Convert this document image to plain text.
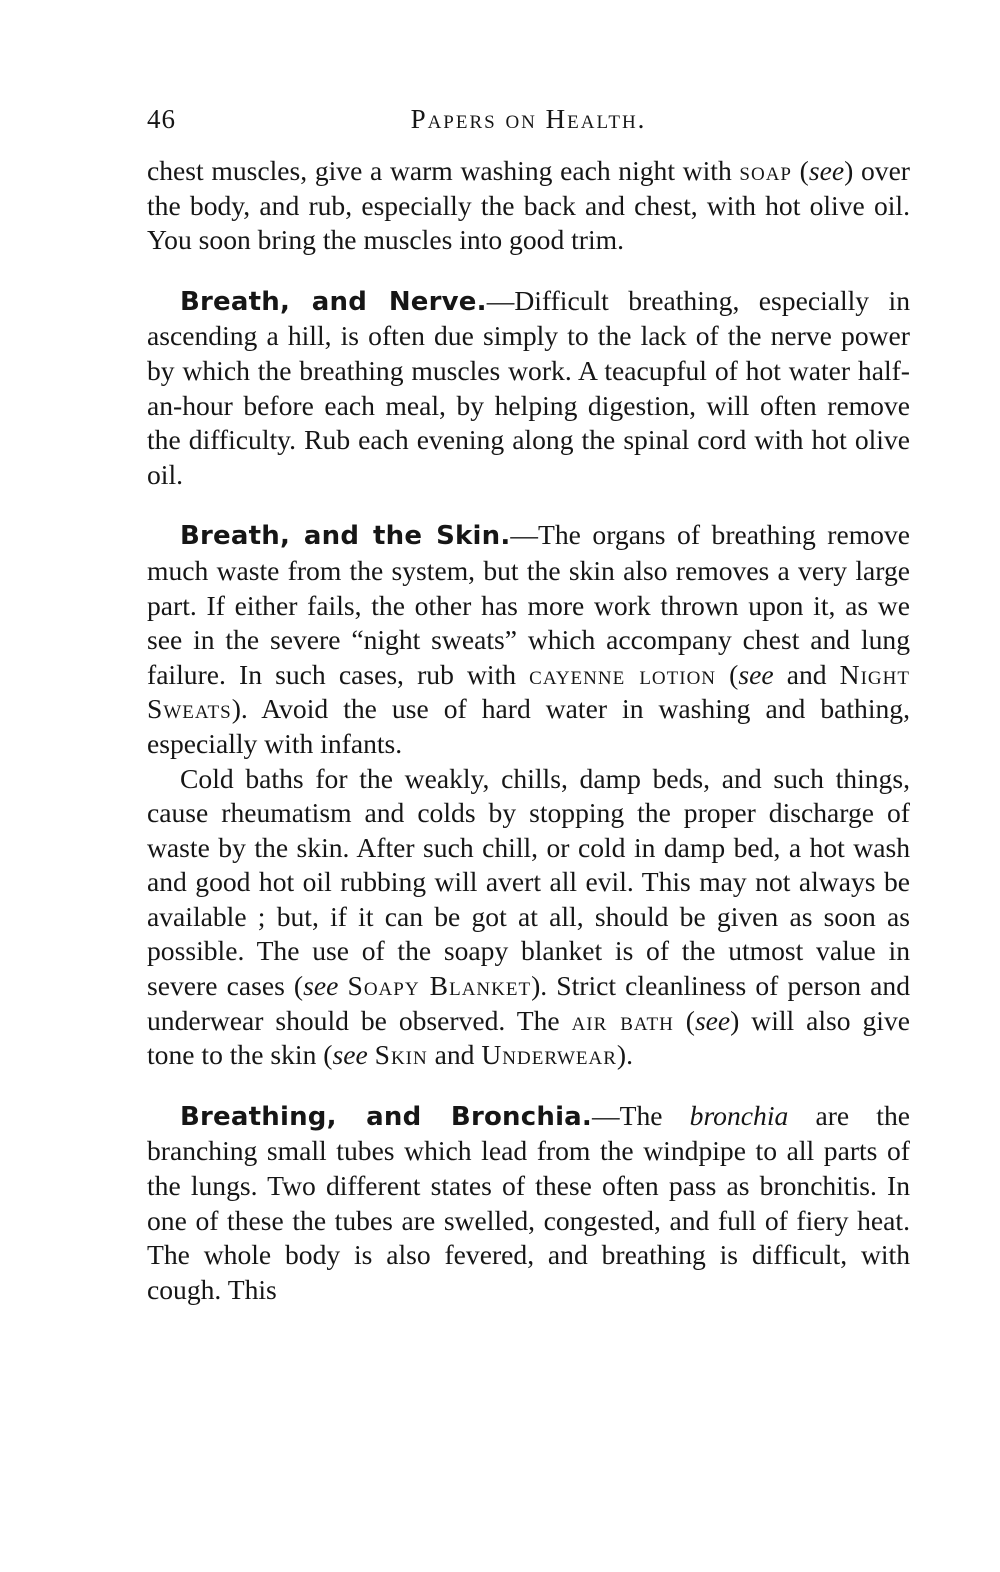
46	Papers on Health.

chest muscles, give a warm washing each night with soap (see) over the body, and rub, especially the back and chest, with hot olive oil. You soon bring the muscles into good trim.

Breath, and Nerve.—Difficult breathing, especially in ascending a hill, is often due simply to the lack of the nerve power by which the breathing muscles work. A teacupful of hot water half-an-hour before each meal, by helping digestion, will often remove the difficulty. Rub each evening along the spinal cord with hot olive oil.

Breath, and the Skin.—The organs of breathing remove much waste from the system, but the skin also removes a very large part. If either fails, the other has more work thrown upon it, as we see in the severe “night sweats” which accompany chest and lung failure. In such cases, rub with cayenne lotion (see and Night Sweats). Avoid the use of hard water in washing and bathing, especially with infants.

Cold baths for the weakly, chills, damp beds, and such things, cause rheumatism and colds by stopping the proper discharge of waste by the skin. After such chill, or cold in damp bed, a hot wash and good hot oil rubbing will avert all evil. This may not always be available ; but, if it can be got at all, should be given as soon as possible. The use of the soapy blanket is of the utmost value in severe cases (see Soapy Blanket). Strict cleanliness of person and underwear should be observed. The air bath (see) will also give tone to the skin (see Skin and Underwear).

Breathing, and Bronchia.—The bronchia are the branching small tubes which lead from the windpipe to all parts of the lungs. Two different states of these often pass as bronchitis. In one of these the tubes are swelled, congested, and full of fiery heat. The whole body is also fevered, and breathing is difficult, with cough. This
